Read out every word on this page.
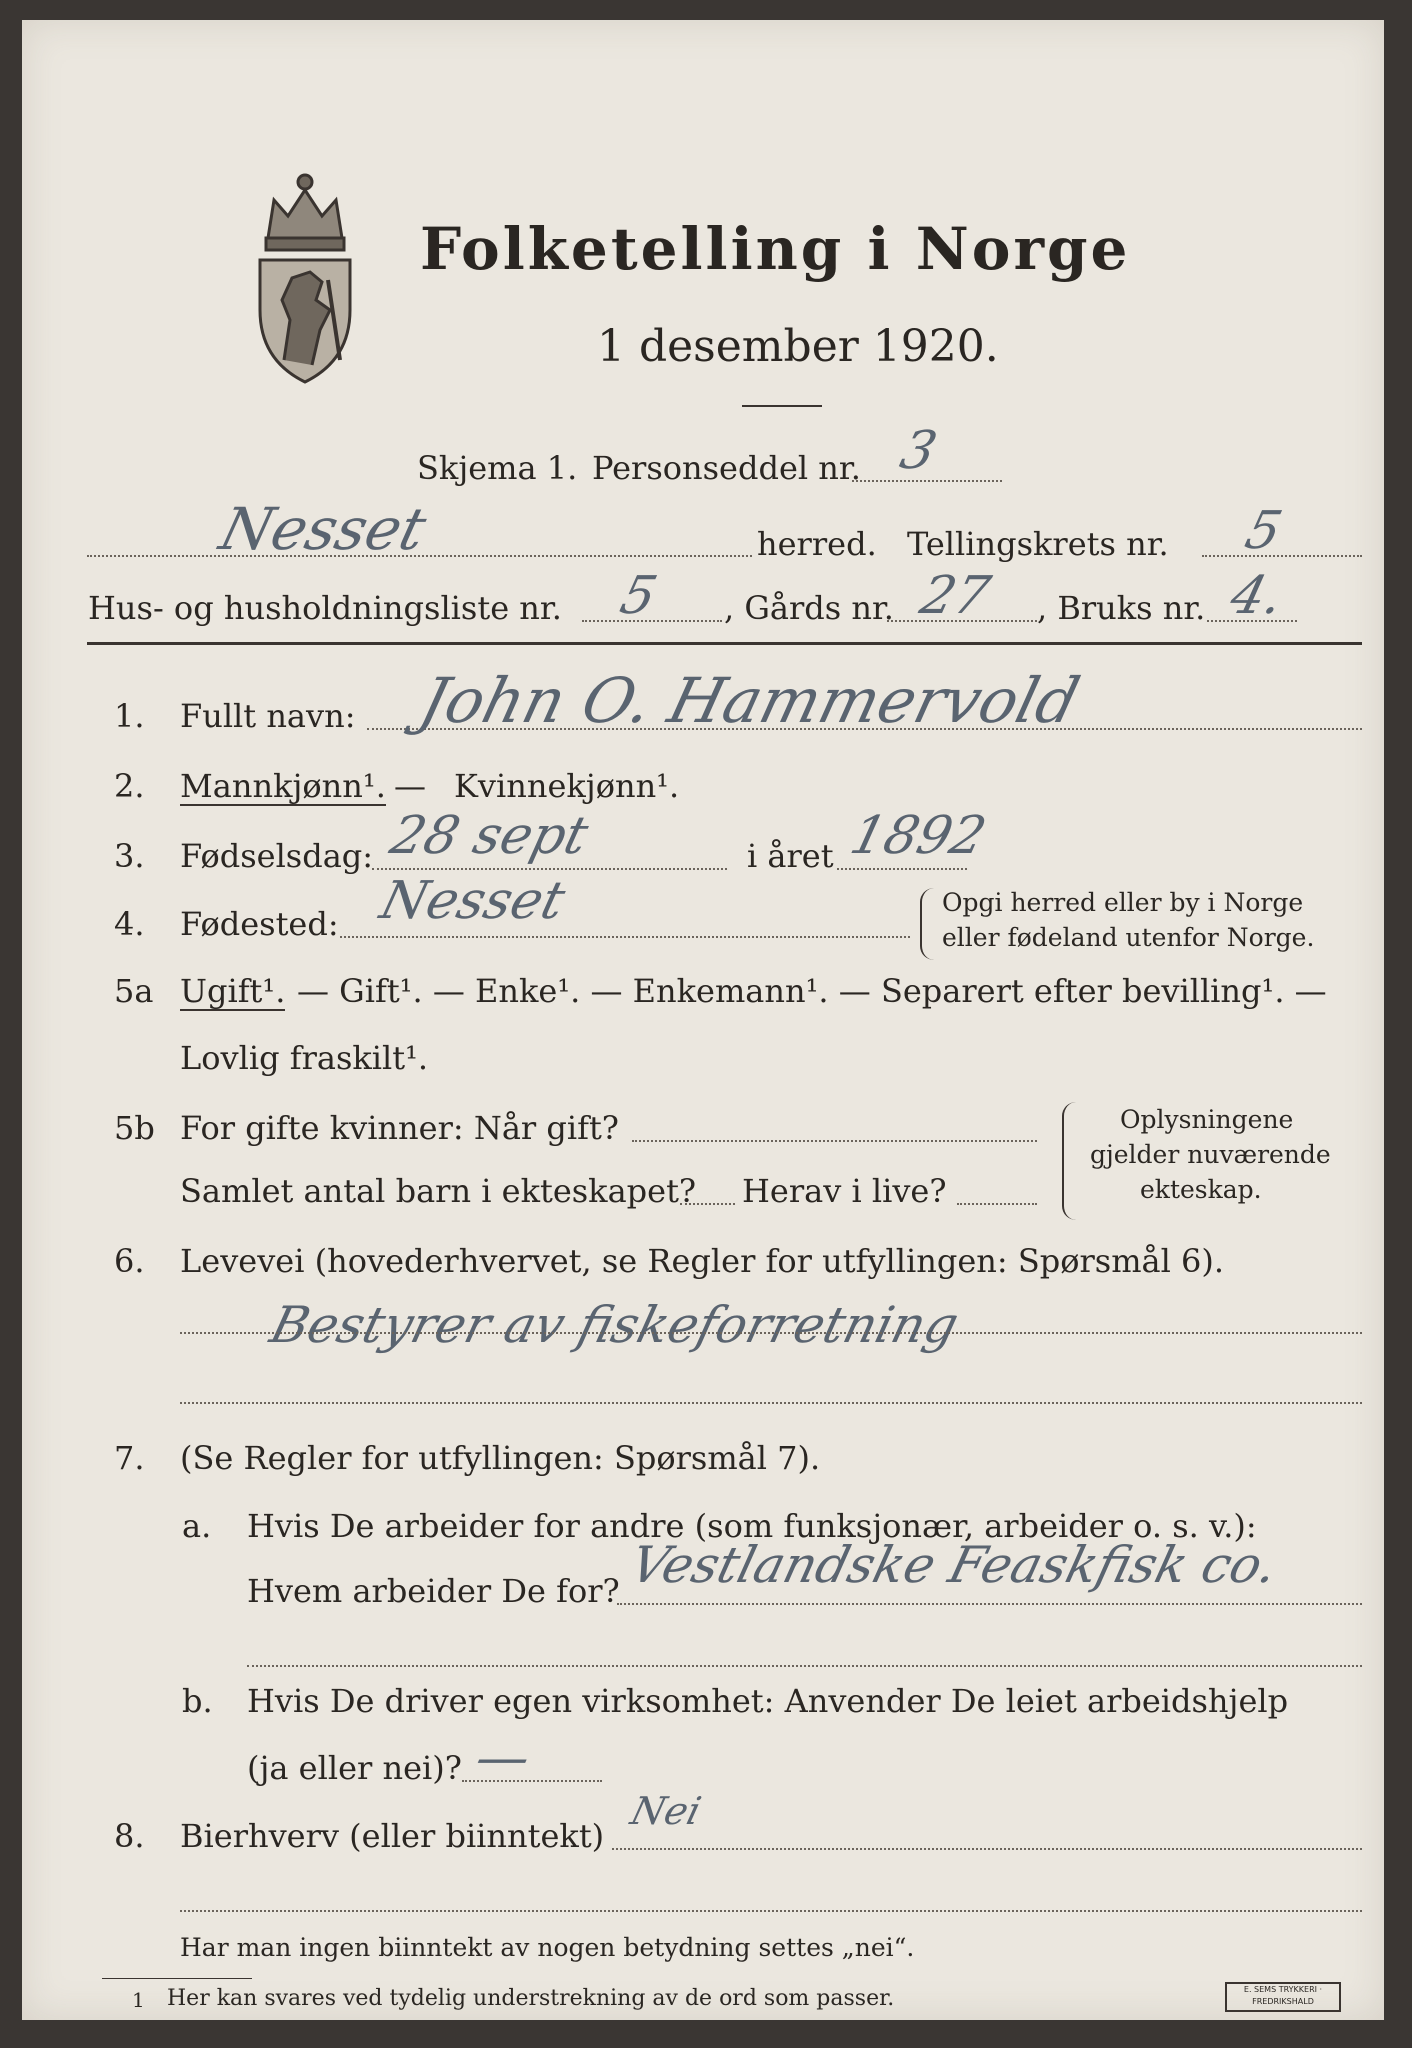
Folketelling i Norge
1 desember 1920.
Skjema 1. Personseddel nr. 3
Nesset	herred. Tellingskrets nr. 5
Hus- og husholdningsliste nr. 5 , Gårds nr. 27 , Bruks nr. 4.
1. Fullt navn: John O. Hammervold
2. Mannkjønn¹. — Kvinnekjønn¹.
3. Fødselsdag: 28 sept	i året 1892
4. Fødested: Nesset	Opgi herred eller by i Norge
eller fødeland utenfor Norge.
5a Ugift¹. — Gift¹. — Enke¹. — Enkemann¹. — Separert efter bevilling¹. —
Lovlig fraskilt¹.
5b For gifte kvinner: Når gift?
Samlet antal barn i ekteskapet? Herav i live?
Oplysningene
gjelder nuværende
ekteskap.
6. Levevei (hovederhvervet, se Regler for utfyllingen: Spørsmål 6).
Bestyrer av fiskeforretning
7. (Se Regler for utfyllingen: Spørsmål 7).
a. Hvis De arbeider for andre (som funksjonær, arbeider o. s. v.):
Hvem arbeider De for? Vestlandske Feaskfisk co.
b. Hvis De driver egen virksomhet: Anvender De leiet arbeidshjelp
(ja eller nei)? —
8. Bierhverv (eller biinntekt)
Nei
Har man ingen biinntekt av nogen betydning settes „nei“.
1 Her kan svares ved tydelig understrekning av de ord som passer.	E. SEMS TRYKKERI · FREDRIKSHALD
